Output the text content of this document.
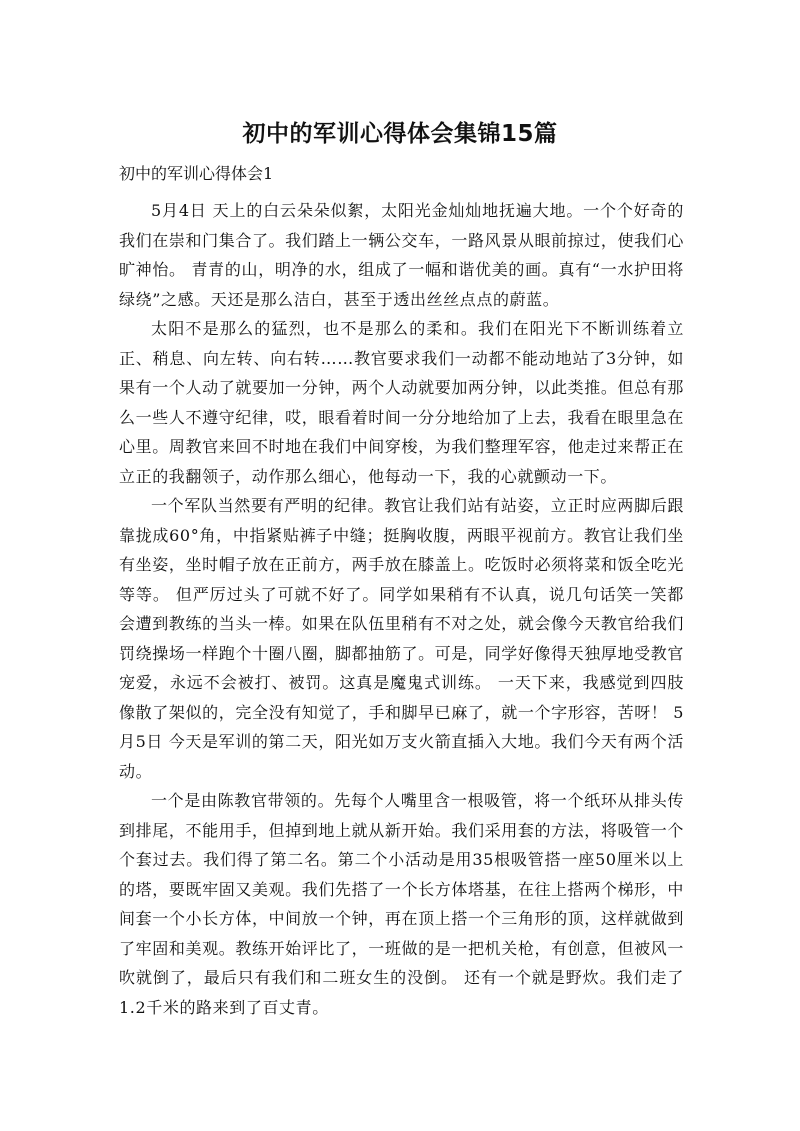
初中的军训心得体会集锦15篇

初中的军训心得体会1

5月4日 天上的白云朵朵似絮，太阳光金灿灿地抚遍大地。一个个好奇的我们在崇和门集合了。我们踏上一辆公交车，一路风景从眼前掠过，使我们心旷神怡。 青青的山，明净的水，组成了一幅和谐优美的画。真有“一水护田将绿绕”之感。天还是那么洁白，甚至于透出丝丝点点的蔚蓝。

太阳不是那么的猛烈，也不是那么的柔和。我们在阳光下不断训练着立正、稍息、向左转、向右转……教官要求我们一动都不能动地站了3分钟，如果有一个人动了就要加一分钟，两个人动就要加两分钟，以此类推。但总有那么一些人不遵守纪律，哎，眼看着时间一分分地给加了上去，我看在眼里急在心里。周教官来回不时地在我们中间穿梭，为我们整理军容，他走过来帮正在立正的我翻领子，动作那么细心，他每动一下，我的心就颤动一下。

一个军队当然要有严明的纪律。教官让我们站有站姿，立正时应两脚后跟靠拢成60°角，中指紧贴裤子中缝；挺胸收腹，两眼平视前方。教官让我们坐有坐姿，坐时帽子放在正前方，两手放在膝盖上。吃饭时必须将菜和饭全吃光等等。 但严厉过头了可就不好了。同学如果稍有不认真，说几句话笑一笑都会遭到教练的当头一棒。如果在队伍里稍有不对之处，就会像今天教官给我们罚绕操场一样跑个十圈八圈，脚都抽筋了。可是，同学好像得天独厚地受教官宠爱，永远不会被打、被罚。这真是魔鬼式训练。 一天下来，我感觉到四肢像散了架似的，完全没有知觉了，手和脚早已麻了，就一个字形容，苦呀！ 5月5日 今天是军训的第二天，阳光如万支火箭直插入大地。我们今天有两个活动。

一个是由陈教官带领的。先每个人嘴里含一根吸管，将一个纸环从排头传到排尾，不能用手，但掉到地上就从新开始。我们采用套的方法，将吸管一个个套过去。我们得了第二名。第二个小活动是用35根吸管搭一座50厘米以上的塔，要既牢固又美观。我们先搭了一个长方体塔基，在往上搭两个梯形，中间套一个小长方体，中间放一个钟，再在顶上搭一个三角形的顶，这样就做到了牢固和美观。教练开始评比了，一班做的是一把机关枪，有创意，但被风一吹就倒了，最后只有我们和二班女生的没倒。 还有一个就是野炊。我们走了1.2千米的路来到了百丈青。
